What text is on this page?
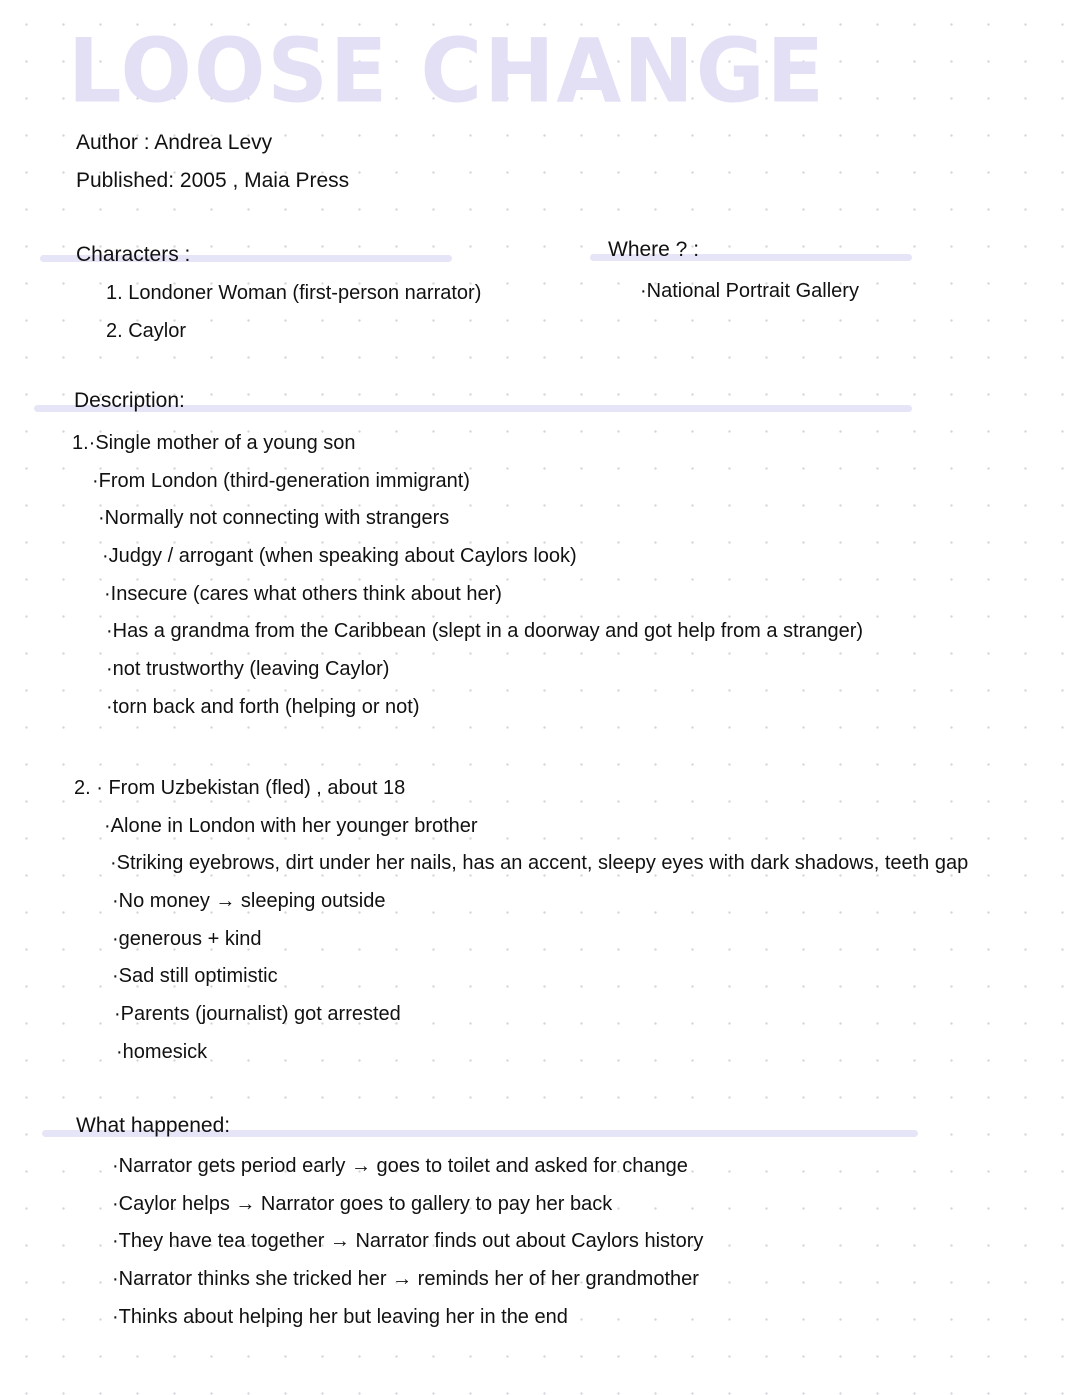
LOOSE CHANGE
Author : Andrea Levy
Published: 2005 , Maia Press
Characters :
1. Londoner Woman (first-person narrator)
2. Caylor
Where ? :
·National Portrait Gallery
Description:
1.·Single mother of a young son
·From London (third-generation immigrant)
·Normally not connecting with strangers
·Judgy / arrogant (when speaking about Caylors look)
·Insecure (cares what others think about her)
·Has a grandma from the Caribbean (slept in a doorway and got help from a stranger)
·not trustworthy (leaving Caylor)
·torn back and forth (helping or not)
2. · From Uzbekistan (fled) , about 18
·Alone in London with her younger brother
·Striking eyebrows, dirt under her nails, has an accent, sleepy eyes with dark shadows, teeth gap
·No money → sleeping outside
·generous + kind
·Sad still optimistic
·Parents (journalist) got arrested
·homesick
What happened:
·Narrator gets period early → goes to toilet and asked for change
·Caylor helps → Narrator goes to gallery to pay her back
·They have tea together → Narrator finds out about Caylors history
·Narrator thinks she tricked her → reminds her of her grandmother
·Thinks about helping her but leaving her in the end
